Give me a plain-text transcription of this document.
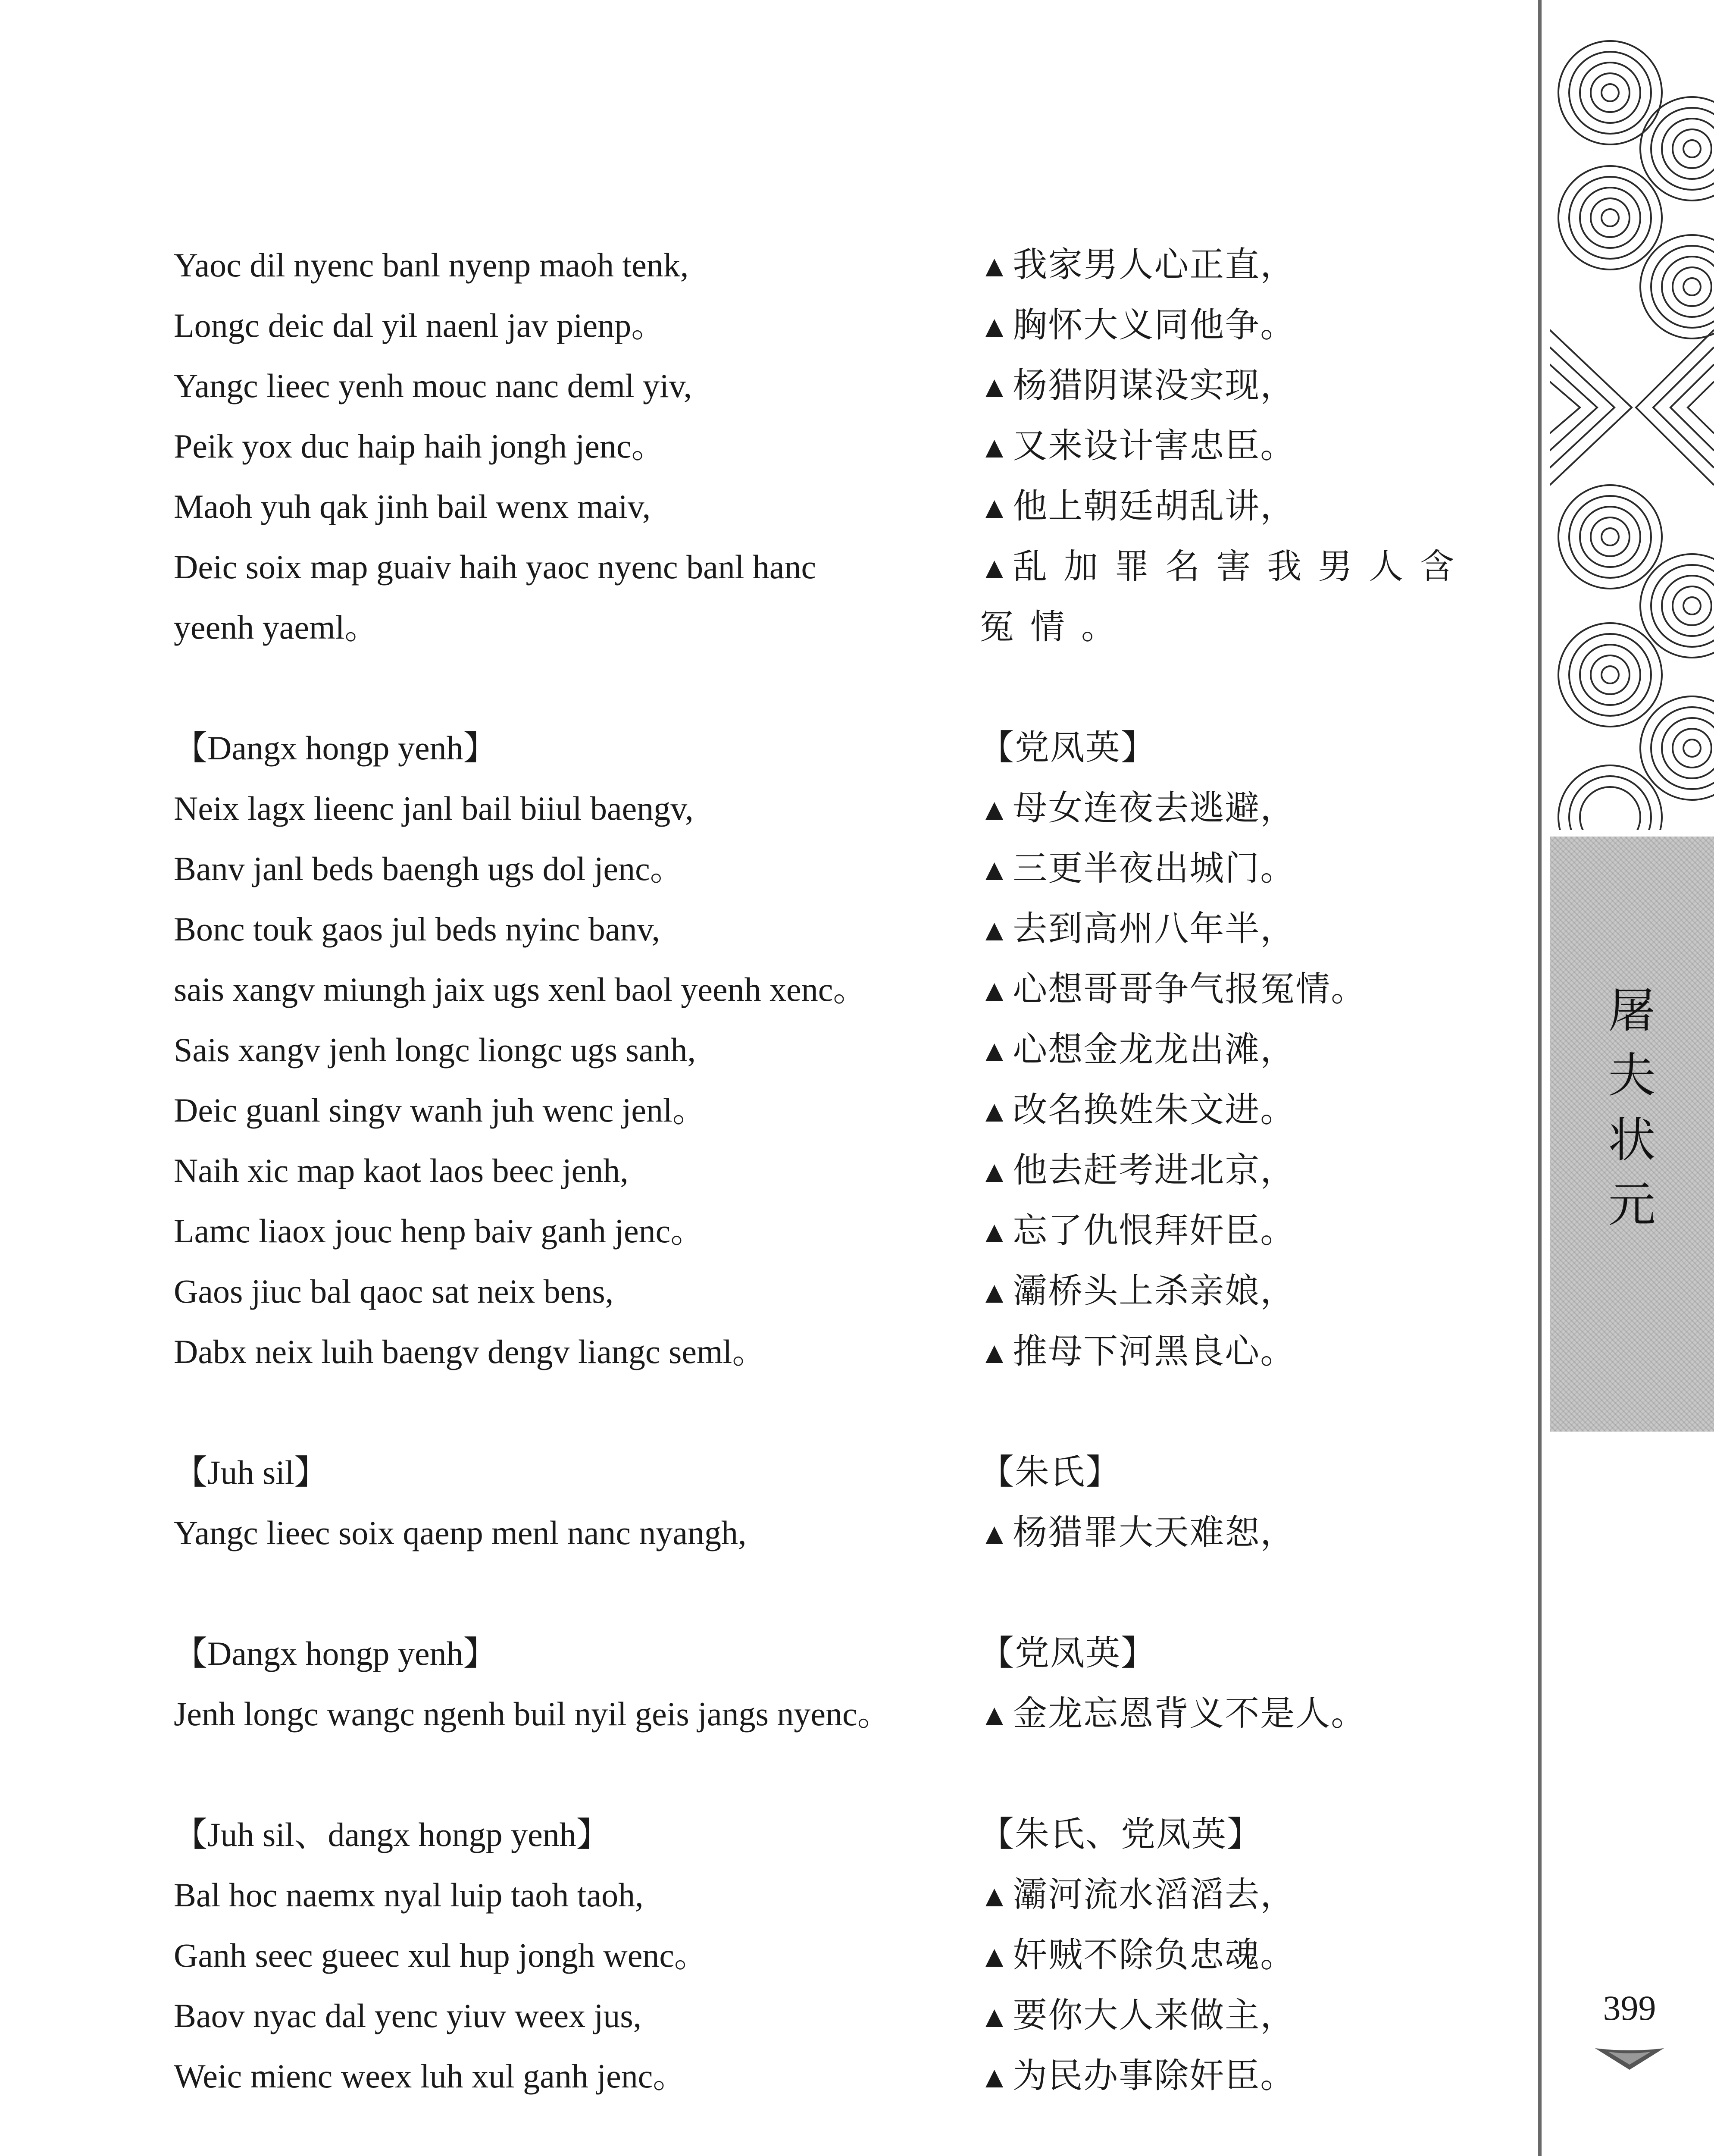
Yaoc dil nyenc banl nyenp maoh tenk,
Longc deic dal yil naenl jav pienp。
Yangc lieec yenh mouc nanc deml yiv,
Peik yox duc haip haih jongh jenc。
Maoh yuh qak jinh bail wenx maiv,
Deic soix map guaiv haih yaoc nyenc banl hanc
yeenh yaeml。
【Dangx hongp yenh】
Neix lagx lieenc janl bail biiul baengv,
Banv janl beds baengh ugs dol jenc。
Bonc touk gaos jul beds nyinc banv,
sais xangv miungh jaix ugs xenl baol yeenh xenc。
Sais xangv jenh longc liongc ugs sanh,
Deic guanl singv wanh juh wenc jenl。
Naih xic map kaot laos beec jenh,
Lamc liaox jouc henp baiv ganh jenc。
Gaos jiuc bal qaoc sat neix bens,
Dabx neix luih baengv dengv liangc seml。
【Juh sil】
Yangc lieec soix qaenp menl nanc nyangh,
【Dangx hongp yenh】
Jenh longc wangc ngenh buil nyil geis jangs nyenc。
【Juh sil、dangx hongp yenh】
Bal hoc naemx nyal luip taoh taoh,
Ganh seec gueec xul hup jongh wenc。
Baov nyac dal yenc yiuv weex jus,
Weic mienc weex luh xul ganh jenc。
▲我家男人心正直，
▲胸怀大义同他争。
▲杨猎阴谋没实现，
▲又来设计害忠臣。
▲他上朝廷胡乱讲，
▲乱加罪名害我男人含
冤情。
【党凤英】
▲母女连夜去逃避，
▲三更半夜出城门。
▲去到高州八年半，
▲心想哥哥争气报冤情。
▲心想金龙龙出滩，
▲改名换姓朱文进。
▲他去赶考进北京，
▲忘了仇恨拜奸臣。
▲灞桥头上杀亲娘，
▲推母下河黑良心。
【朱氏】
▲杨猎罪大天难恕，
【党凤英】
▲金龙忘恩背义不是人。
【朱氏、党凤英】
▲灞河流水滔滔去，
▲奸贼不除负忠魂。
▲要你大人来做主，
▲为民办事除奸臣。
屠
夫
状
元
399
